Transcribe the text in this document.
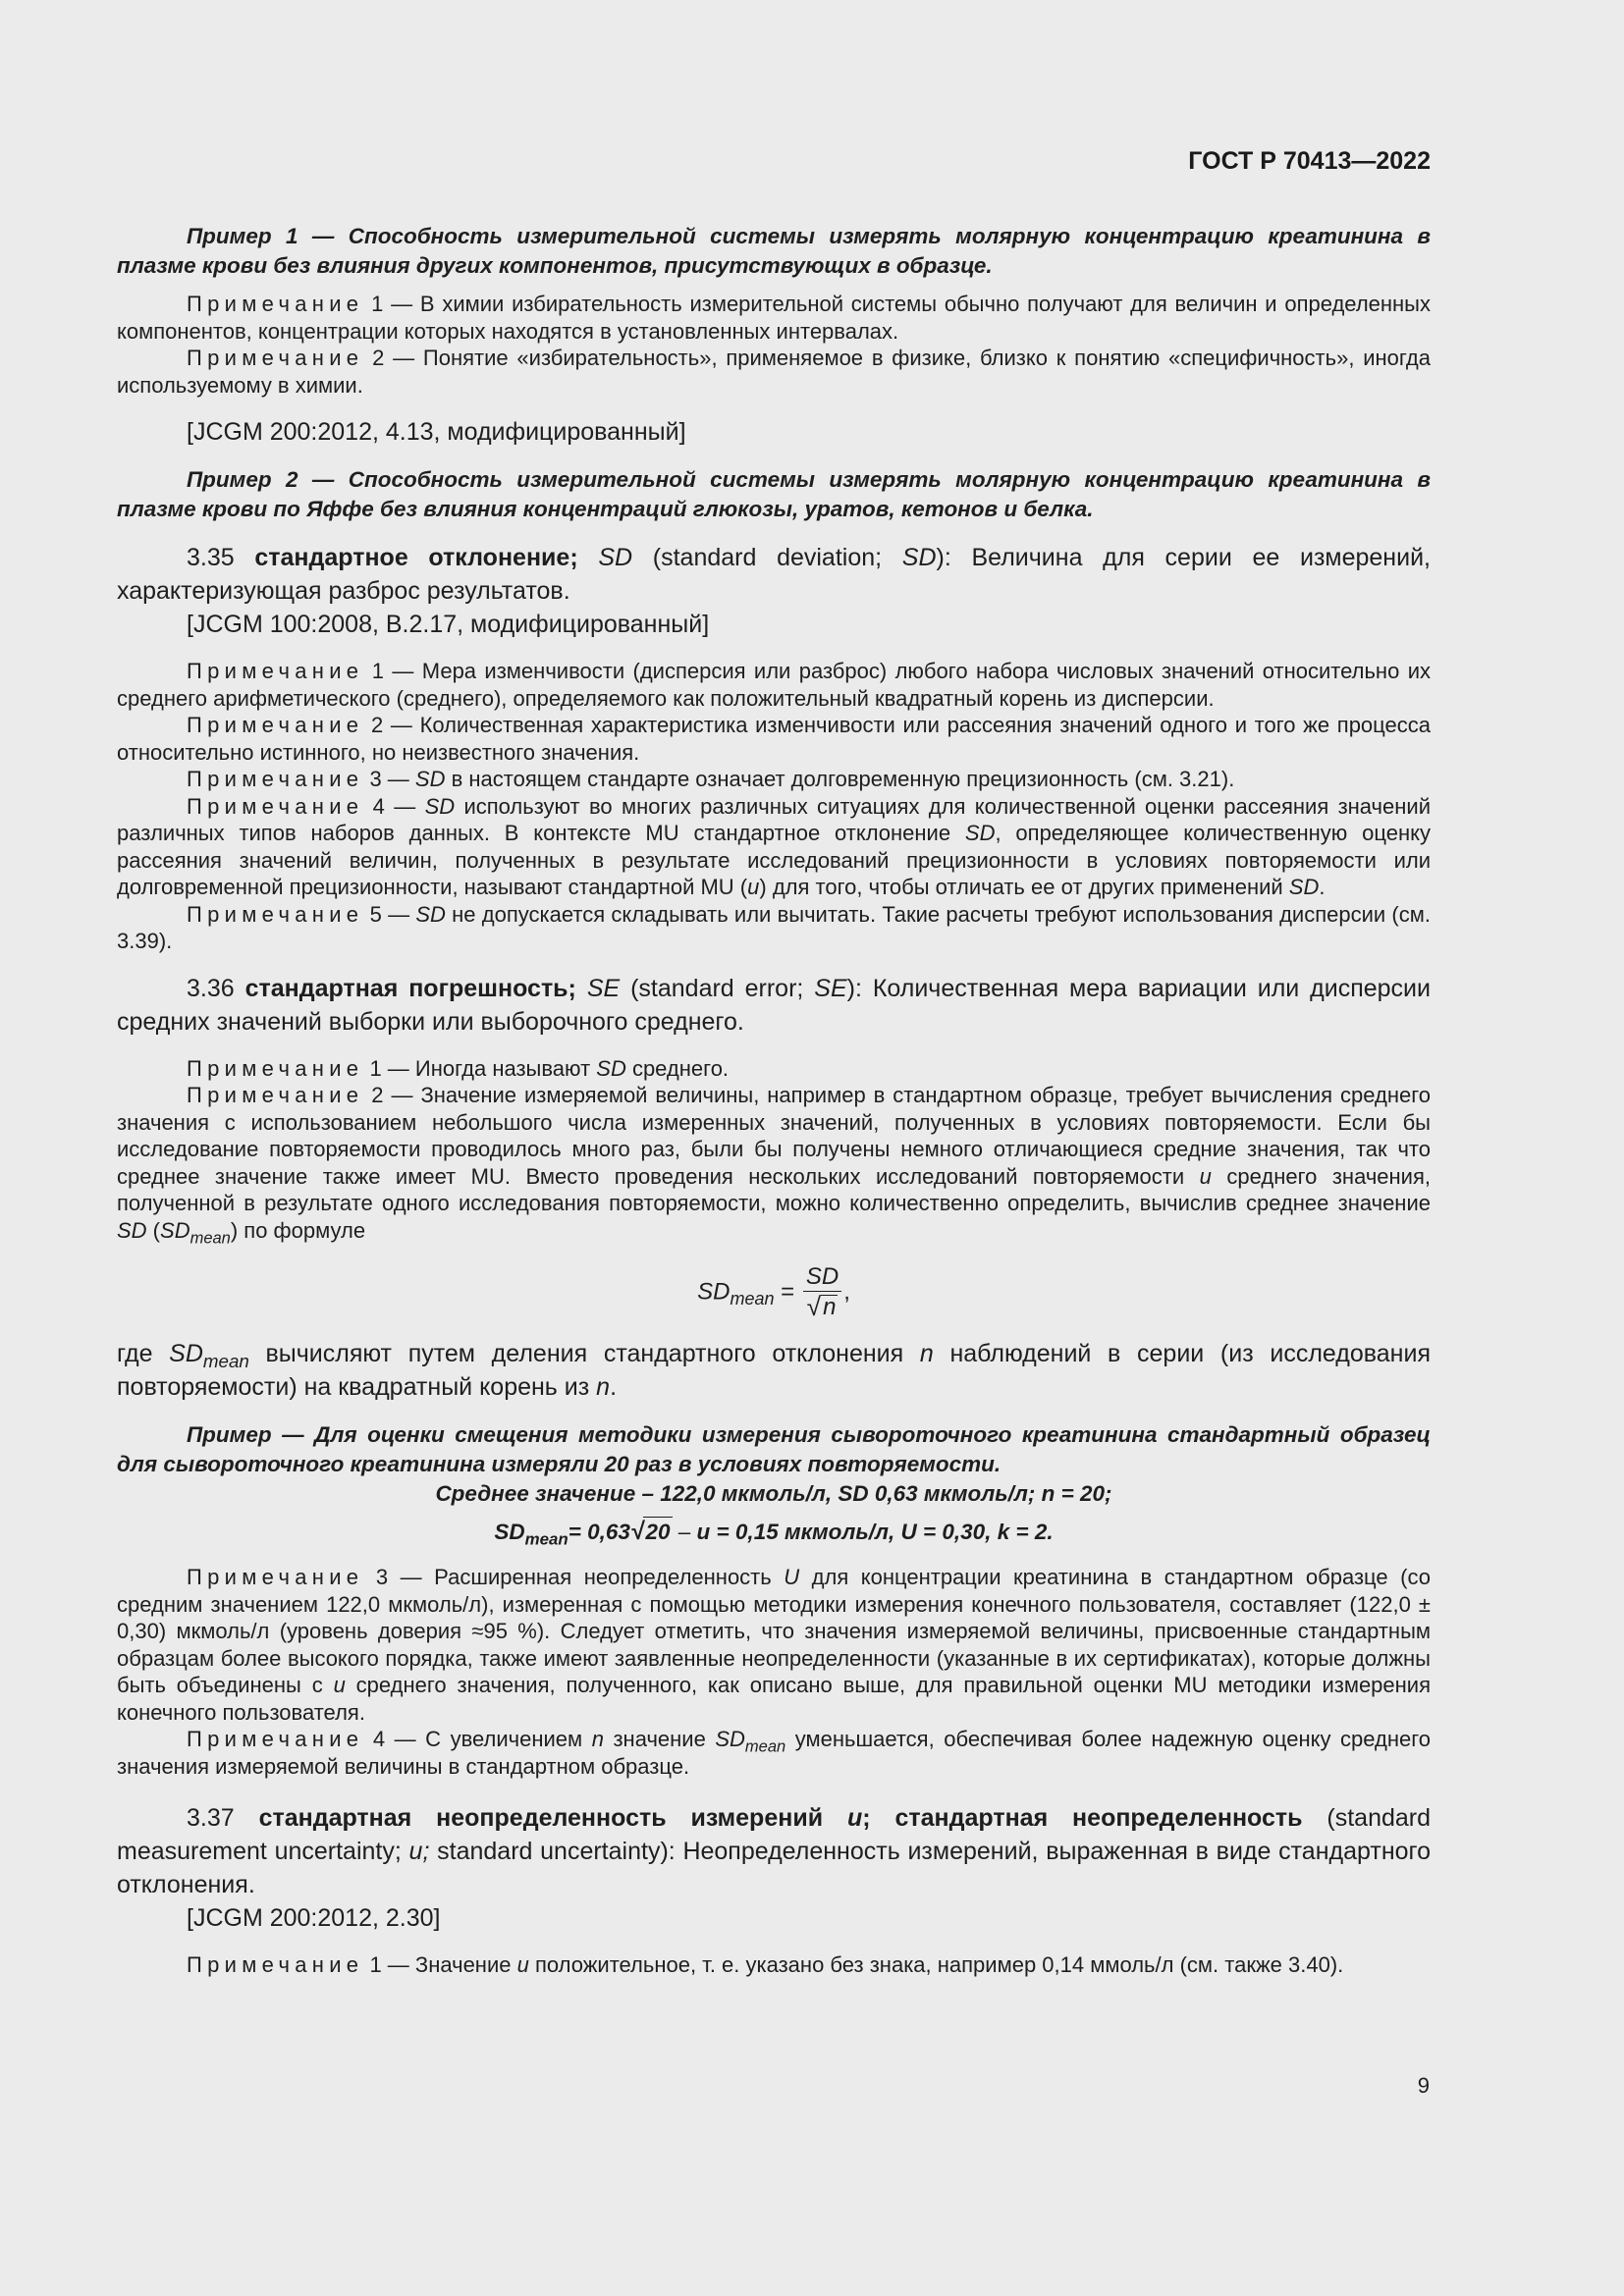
ГОСТ Р 70413—2022

Пример 1 — Способность измерительной системы измерять молярную концентрацию креатинина в плазме крови без влияния других компонентов, присутствующих в образце.

Примечание 1 — В химии избирательность измерительной системы обычно получают для величин и определенных компонентов, концентрации которых находятся в установленных интервалах.

Примечание 2 — Понятие «избирательность», применяемое в физике, близко к понятию «специфичность», иногда используемому в химии.

[JCGM 200:2012, 4.13, модифицированный]

Пример 2 — Способность измерительной системы измерять молярную концентрацию креатинина в плазме крови по Яффе без влияния концентраций глюкозы, уратов, кетонов и белка.

3.35 стандартное отклонение; SD (standard deviation; SD): Величина для серии ее измерений, характеризующая разброс результатов.

[JCGM 100:2008, B.2.17, модифицированный]

Примечание 1 — Мера изменчивости (дисперсия или разброс) любого набора числовых значений относительно их среднего арифметического (среднего), определяемого как положительный квадратный корень из дисперсии.

Примечание 2 — Количественная характеристика изменчивости или рассеяния значений одного и того же процесса относительно истинного, но неизвестного значения.

Примечание 3 — SD в настоящем стандарте означает долговременную прецизионность (см. 3.21).

Примечание 4 — SD используют во многих различных ситуациях для количественной оценки рассеяния значений различных типов наборов данных. В контексте MU стандартное отклонение SD, определяющее количественную оценку рассеяния значений величин, полученных в результате исследований прецизионности в условиях повторяемости или долговременной прецизионности, называют стандартной MU (u) для того, чтобы отличать ее от других применений SD.

Примечание 5 — SD не допускается складывать или вычитать. Такие расчеты требуют использования дисперсии (см. 3.39).

3.36 стандартная погрешность; SE (standard error; SE): Количественная мера вариации или дисперсии средних значений выборки или выборочного среднего.

Примечание 1 — Иногда называют SD среднего.

Примечание 2 — Значение измеряемой величины, например в стандартном образце, требует вычисления среднего значения с использованием небольшого числа измеренных значений, полученных в условиях повторяемости. Если бы исследование повторяемости проводилось много раз, были бы получены немного отличающиеся средние значения, так что среднее значение также имеет MU. Вместо проведения нескольких исследований повторяемости u среднего значения, полученной в результате одного исследования повторяемости, можно количественно определить, вычислив среднее значение SD $(SD_{mean})$ по формуле

$SD_{mean} = \frac{SD}{√ n}$ ,

где $SD_{mean}$ вычисляют путем деления стандартного отклонения n наблюдений в серии (из исследования повторяемости) на квадратный корень из n.

Пример — Для оценки смещения методики измерения сывороточного креатинина стандартный образец для сывороточного креатинина измеряли 20 раз в условиях повторяемости.

Среднее значение – 122,0 мкмоль/л, SD 0,63 мкмоль/л; n = 20;

$SD_{mean}= 0,63$ √ 20 – u = 0,15 мкмоль/л, U = 0,30, k = 2.

Примечание 3 — Расширенная неопределенность U для концентрации креатинина в стандартном образце (со средним значением 122,0 мкмоль/л), измеренная с помощью методики измерения конечного пользователя, составляет (122,0 ± 0,30) мкмоль/л (уровень доверия ≈95 %). Следует отметить, что значения измеряемой величины, присвоенные стандартным образцам более высокого порядка, также имеют заявленные неопределенности (указанные в их сертификатах), которые должны быть объединены с u среднего значения, полученного, как описано выше, для правильной оценки MU методики измерения конечного пользователя.

Примечание 4 — С увеличением n значение $SD_{mean}$ уменьшается, обеспечивая более надежную оценку среднего значения измеряемой величины в стандартном образце.

3.37 стандартная неопределенность измерений u; стандартная неопределенность (standard measurement uncertainty; u; standard uncertainty): Неопределенность измерений, выраженная в виде стандартного отклонения.

[JCGM 200:2012, 2.30]

Примечание 1 — Значение u положительное, т. е. указано без знака, например 0,14 ммоль/л (см. также 3.40).

9
